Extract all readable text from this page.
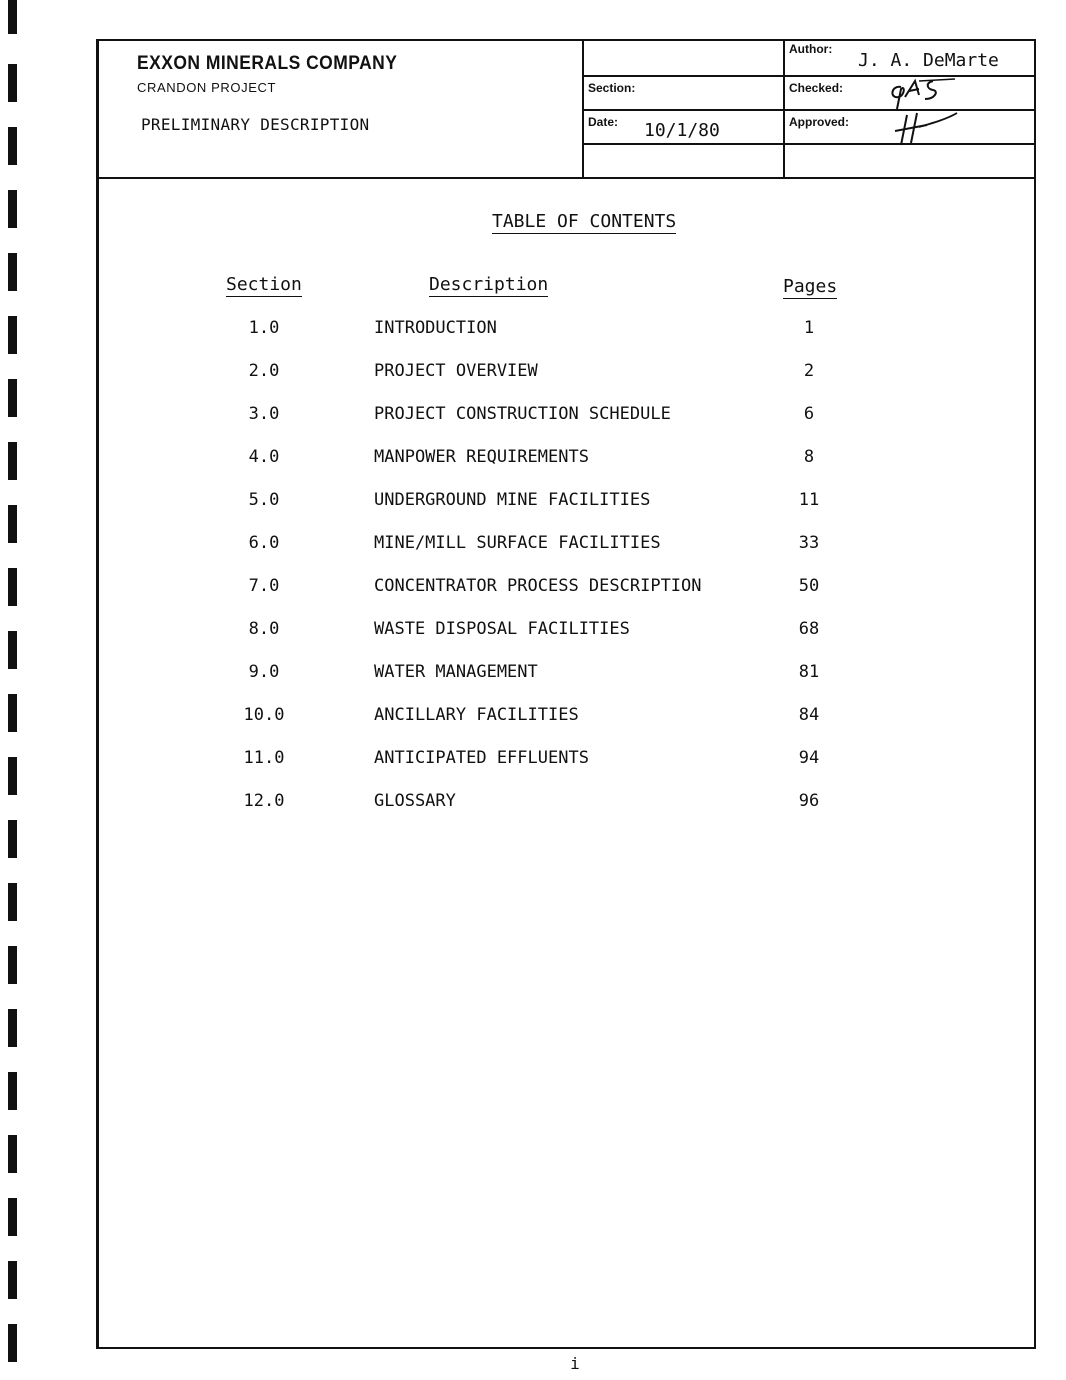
EXXON MINERALS COMPANY
CRANDON PROJECT
PRELIMINARY DESCRIPTION
Section:
Date: 10/1/80
Author:
J. A. DeMarte
Checked:
Approved:
TABLE OF CONTENTS
Section	Description	Pages
1.0	INTRODUCTION	1
2.0	PROJECT OVERVIEW	2
3.0	PROJECT CONSTRUCTION SCHEDULE	6
4.0	MANPOWER REQUIREMENTS	8
5.0	UNDERGROUND MINE FACILITIES	11
6.0	MINE/MILL SURFACE FACILITIES	33
7.0	CONCENTRATOR PROCESS DESCRIPTION	50
8.0	WASTE DISPOSAL FACILITIES	68
9.0	WATER MANAGEMENT	81
10.0	ANCILLARY FACILITIES	84
11.0	ANTICIPATED EFFLUENTS	94
12.0	GLOSSARY	96
i
